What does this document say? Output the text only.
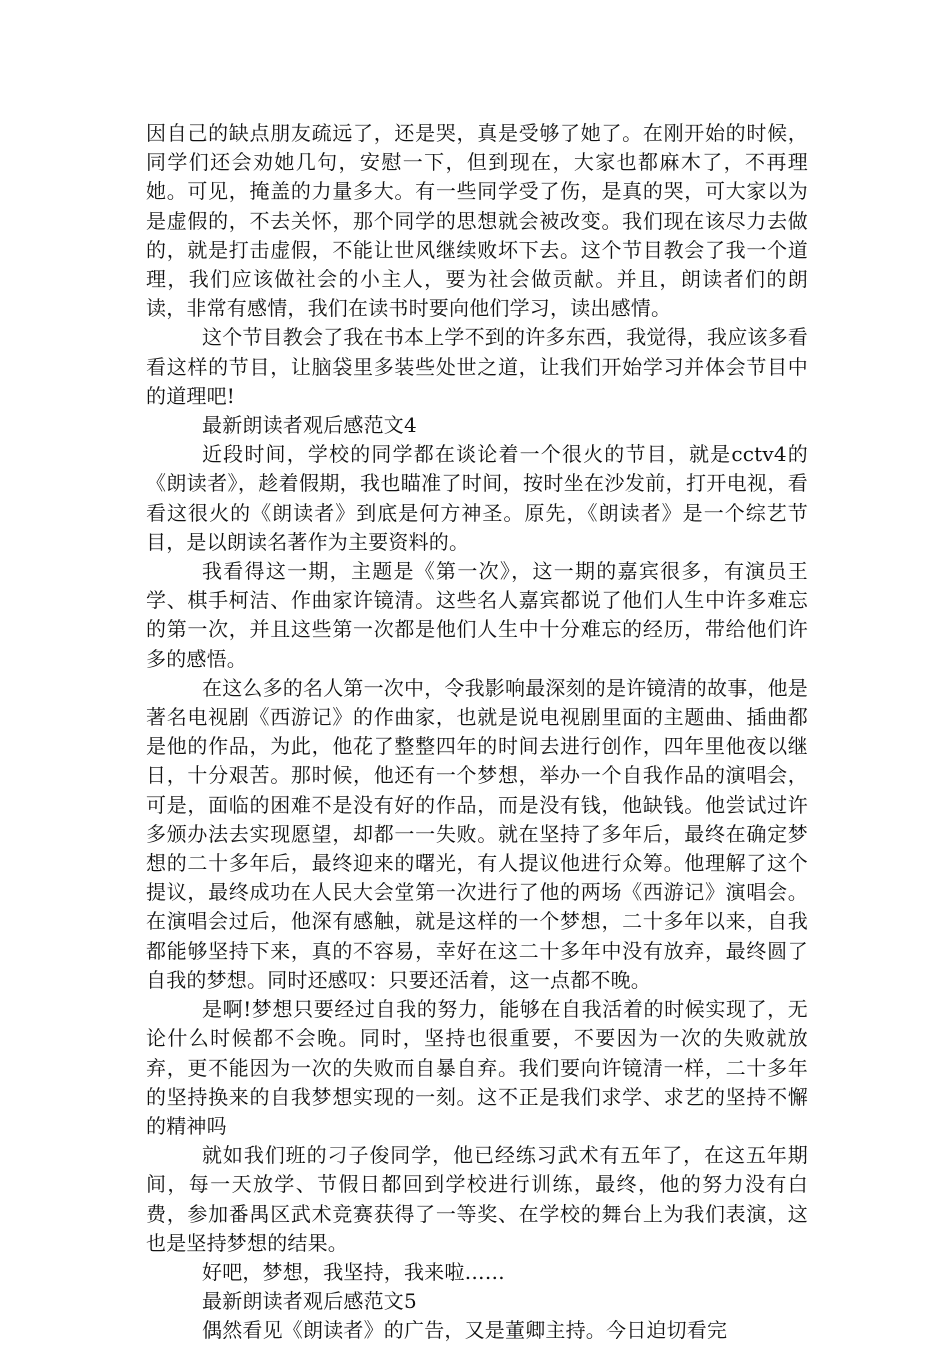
因自己的缺点朋友疏远了，还是哭，真是受够了她了。在刚开始的时候，同学们还会劝她几句，安慰一下，但到现在，大家也都麻木了，不再理她。可见，掩盖的力量多大。有一些同学受了伤，是真的哭，可大家以为是虚假的，不去关怀，那个同学的思想就会被改变。我们现在该尽力去做的，就是打击虚假，不能让世风继续败坏下去。这个节目教会了我一个道理，我们应该做社会的小主人，要为社会做贡献。并且，朗读者们的朗读，非常有感情，我们在读书时要向他们学习，读出感情。

这个节目教会了我在书本上学不到的许多东西，我觉得，我应该多看看这样的节目，让脑袋里多装些处世之道，让我们开始学习并体会节目中的道理吧!

最新朗读者观后感范文4

近段时间，学校的同学都在谈论着一个很火的节目，就是cctv4的《朗读者》，趁着假期，我也瞄准了时间，按时坐在沙发前，打开电视，看看这很火的《朗读者》到底是何方神圣。原先，《朗读者》是一个综艺节目，是以朗读名著作为主要资料的。

我看得这一期，主题是《第一次》，这一期的嘉宾很多，有演员王学、棋手柯洁、作曲家许镜清。这些名人嘉宾都说了他们人生中许多难忘的第一次，并且这些第一次都是他们人生中十分难忘的经历，带给他们许多的感悟。

在这么多的名人第一次中，令我影响最深刻的是许镜清的故事，他是著名电视剧《西游记》的作曲家，也就是说电视剧里面的主题曲、插曲都是他的作品，为此，他花了整整四年的时间去进行创作，四年里他夜以继日，十分艰苦。那时候，他还有一个梦想，举办一个自我作品的演唱会，可是，面临的困难不是没有好的作品，而是没有钱，他缺钱。他尝试过许多颁办法去实现愿望，却都一一失败。就在坚持了多年后，最终在确定梦想的二十多年后，最终迎来的曙光，有人提议他进行众筹。他理解了这个提议，最终成功在人民大会堂第一次进行了他的两场《西游记》演唱会。在演唱会过后，他深有感触，就是这样的一个梦想，二十多年以来，自我都能够坚持下来，真的不容易，幸好在这二十多年中没有放弃，最终圆了自我的梦想。同时还感叹：只要还活着，这一点都不晚。

是啊!梦想只要经过自我的努力，能够在自我活着的时候实现了，无论什么时候都不会晚。同时，坚持也很重要，不要因为一次的失败就放弃，更不能因为一次的失败而自暴自弃。我们要向许镜清一样，二十多年的坚持换来的自我梦想实现的一刻。这不正是我们求学、求艺的坚持不懈的精神吗

就如我们班的刁子俊同学，他已经练习武术有五年了，在这五年期间，每一天放学、节假日都回到学校进行训练，最终，他的努力没有白费，参加番禺区武术竞赛获得了一等奖、在学校的舞台上为我们表演，这也是坚持梦想的结果。

好吧，梦想，我坚持，我来啦……

最新朗读者观后感范文5

偶然看见《朗读者》的广告，又是董卿主持。今日迫切看完
